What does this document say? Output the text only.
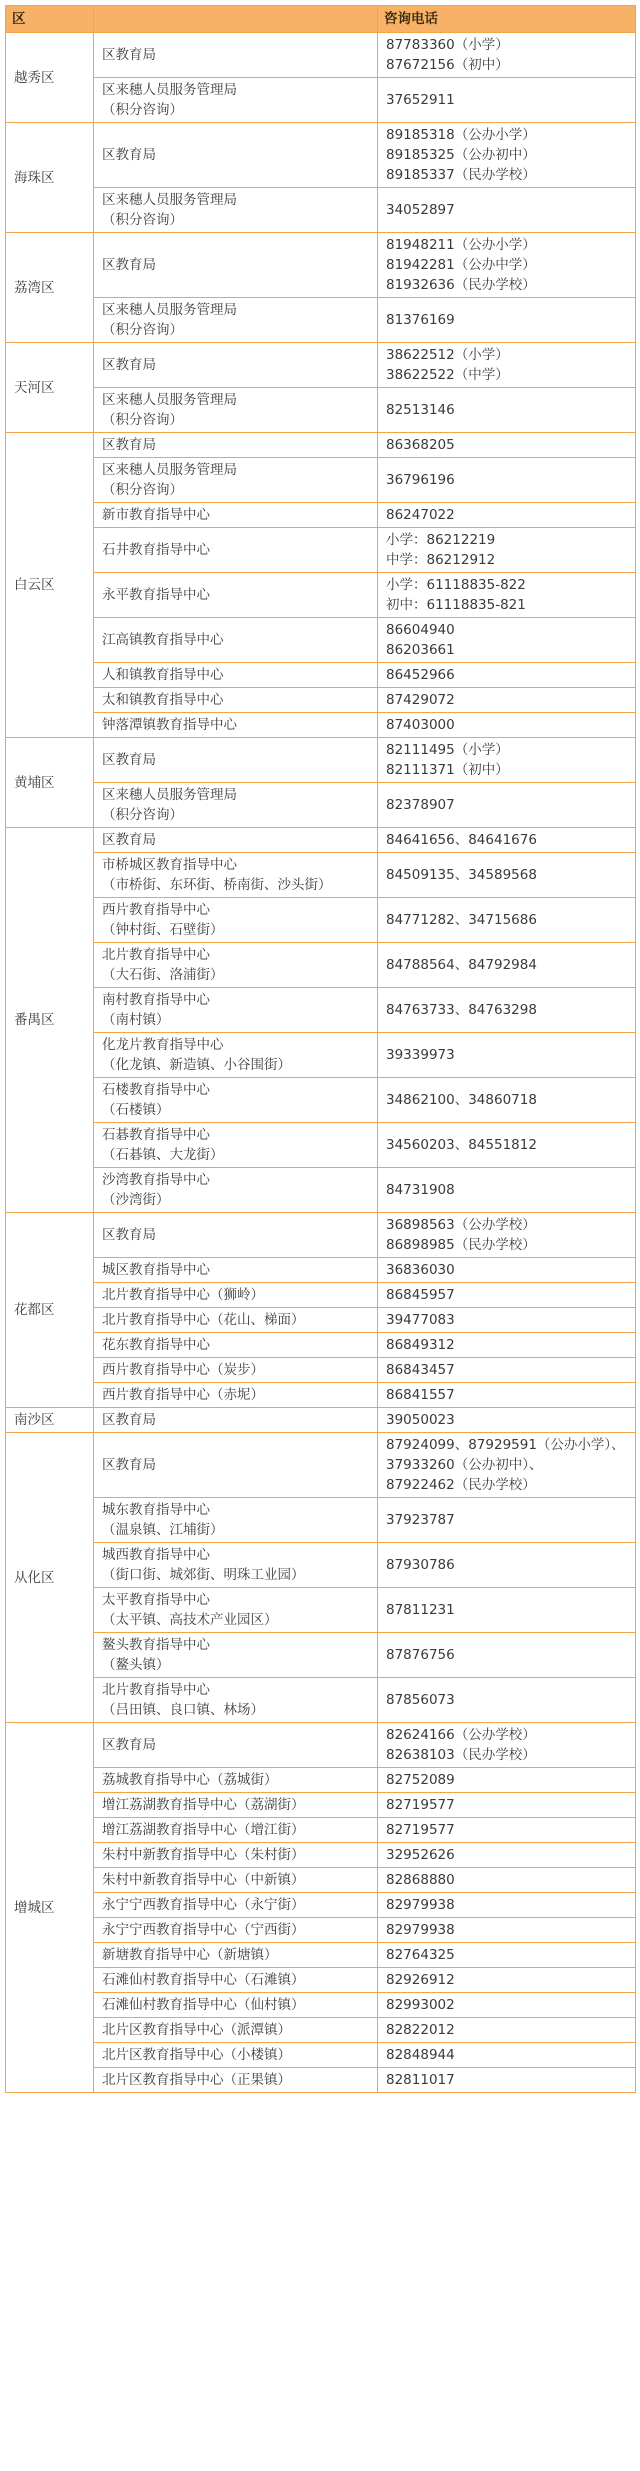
区		咨询电话
越秀区	区教育局	87783360（小学）
87672156（初中）

	区来穗人员服务管理局
（积分咨询）	37652911

海珠区	区教育局	89185318（公办小学）
89185325（公办初中）
89185337（民办学校）

	区来穗人员服务管理局
（积分咨询）	34052897

荔湾区	区教育局	81948211（公办小学）
81942281（公办中学）
81932636（民办学校）

	区来穗人员服务管理局
（积分咨询）	81376169

天河区	区教育局	38622512（小学）
38622522（中学）

	区来穗人员服务管理局
（积分咨询）	82513146

白云区	区教育局	86368205

	区来穗人员服务管理局
（积分咨询）	36796196

	新市教育指导中心	86247022

	石井教育指导中心	小学：86212219
中学：86212912

	永平教育指导中心	小学：61118835-822
初中：61118835-821

	江高镇教育指导中心	86604940
86203661

	人和镇教育指导中心	86452966

	太和镇教育指导中心	87429072

	钟落潭镇教育指导中心	87403000

黄埔区	区教育局	82111495（小学）
82111371（初中）

	区来穗人员服务管理局
（积分咨询）	82378907

番禺区	区教育局	84641656、84641676

	市桥城区教育指导中心
（市桥街、东环街、桥南街、沙头街）	84509135、34589568

	西片教育指导中心
（钟村街、石壁街）	84771282、34715686

	北片教育指导中心
（大石街、洛浦街）	84788564、84792984

	南村教育指导中心
（南村镇）	84763733、84763298

	化龙片教育指导中心
（化龙镇、新造镇、小谷围街）	39339973

	石楼教育指导中心
（石楼镇）	34862100、34860718

	石碁教育指导中心
（石碁镇、大龙街）	34560203、84551812

	沙湾教育指导中心
（沙湾街）	84731908

花都区	区教育局	36898563（公办学校）
86898985（民办学校）

	城区教育指导中心	36836030

	北片教育指导中心（狮岭）	86845957

	北片教育指导中心（花山、梯面）	39477083

	花东教育指导中心	86849312

	西片教育指导中心（炭步）	86843457

	西片教育指导中心（赤坭）	86841557

南沙区	区教育局	39050023

从化区	区教育局	87924099、87929591（公办小学）、
37933260（公办初中）、
87922462（民办学校）

	城东教育指导中心
（温泉镇、江埔街）	37923787

	城西教育指导中心
（街口街、城郊街、明珠工业园）	87930786

	太平教育指导中心
（太平镇、高技术产业园区）	87811231

	鳌头教育指导中心
（鳌头镇）	87876756

	北片教育指导中心
（吕田镇、良口镇、林场）	87856073

增城区	区教育局	82624166（公办学校）
82638103（民办学校）

	荔城教育指导中心（荔城街）	82752089

	增江荔湖教育指导中心（荔湖街）	82719577

	增江荔湖教育指导中心（增江街）	82719577

	朱村中新教育指导中心（朱村街）	32952626

	朱村中新教育指导中心（中新镇）	82868880

	永宁宁西教育指导中心（永宁街）	82979938

	永宁宁西教育指导中心（宁西街）	82979938

	新塘教育指导中心（新塘镇）	82764325

	石滩仙村教育指导中心（石滩镇）	82926912

	石滩仙村教育指导中心（仙村镇）	82993002

	北片区教育指导中心（派潭镇）	82822012

	北片区教育指导中心（小楼镇）	82848944

	北片区教育指导中心（正果镇）	82811017
